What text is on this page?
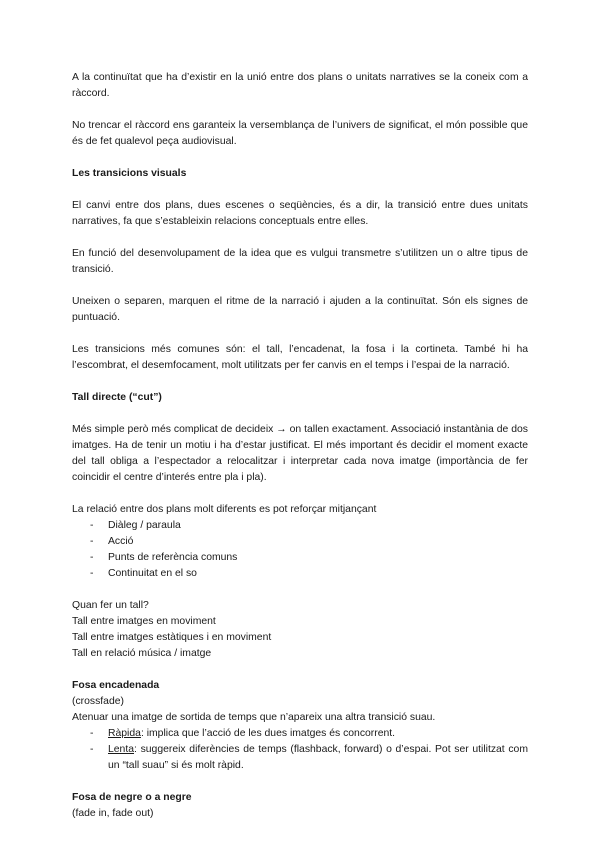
A la continuïtat que ha d’existir en la unió entre dos plans o unitats narratives se la coneix com a ràccord.

No trencar el ràccord ens garanteix la versemblança de l’univers de significat, el món possible que és de fet qualevol peça audiovisual.

Les transicions visuals

El canvi entre dos plans, dues escenes o seqüències, és a dir, la transició entre dues unitats narratives, fa que s’estableixin relacions conceptuals entre elles.

En funció del desenvolupament de la idea que es vulgui transmetre s’utilitzen un o altre tipus de transició.

Uneixen o separen, marquen el ritme de la narració i ajuden a la continuïtat. Són els signes de puntuació.

Les transicions més comunes són: el tall, l’encadenat, la fosa i la cortineta. També hi ha l’escombrat, el desemfocament, molt utilitzats per fer canvis en el temps i l’espai de la narració.

Tall directe (“cut”)

Més simple però més complicat de decideix → on tallen exactament. Associació instantània de dos imatges. Ha de tenir un motiu i ha d’estar justificat. El més important és decidir el moment exacte del tall obliga a l’espectador a relocalitzar i interpretar cada nova imatge (importància de fer coincidir el centre d’interés entre pla i pla).

La relació entre dos plans molt diferents es pot reforçar mitjançant

- Diàleg / paraula
- Acció
- Punts de referència comuns
- Continuitat en el so
Quan fer un tall?
Tall entre imatges en moviment
Tall entre imatges estàtiques i en moviment
Tall en relació música / imatge

Fosa encadenada

(crossfade)

Atenuar una imatge de sortida de temps que n’apareix una altra transició suau.

- Ràpida: implica que l’acció de les dues imatges és concorrent.
- Lenta: suggereix diferències de temps (flashback, forward) o d’espai. Pot ser utilitzat com un “tall suau” si és molt ràpid.

Fosa de negre o a negre

(fade in, fade out)
